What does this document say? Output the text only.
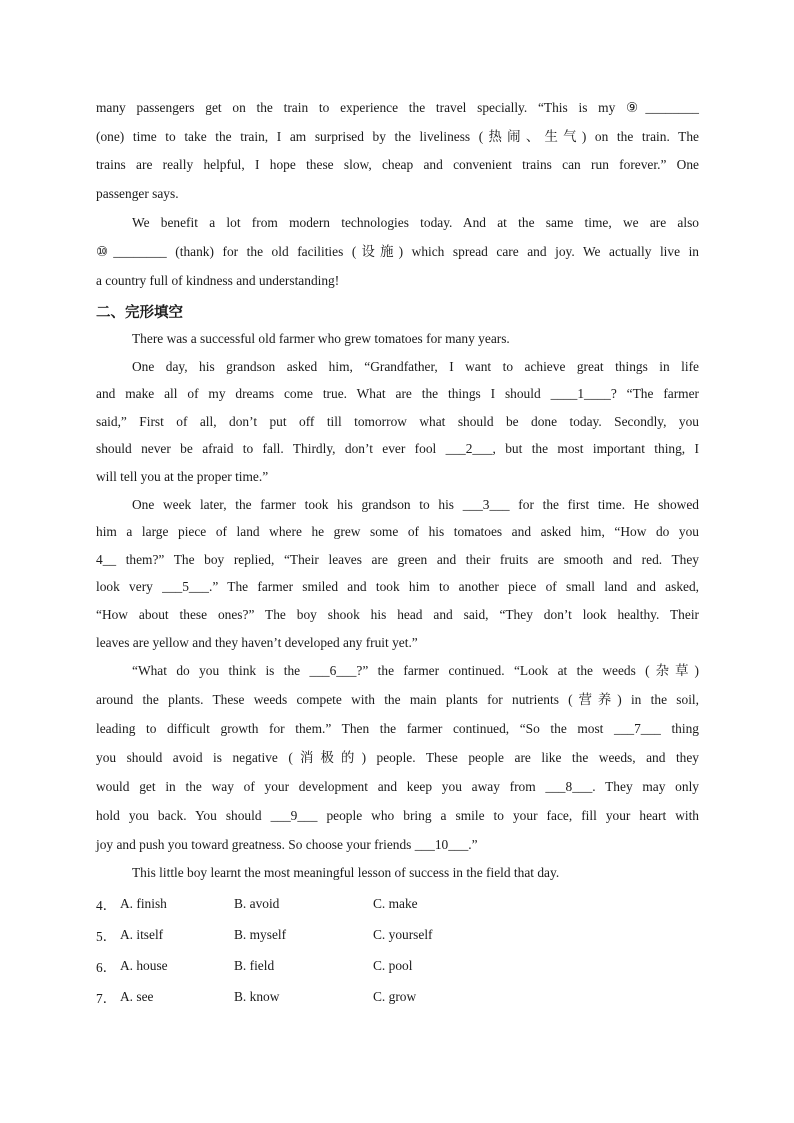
many passengers get on the train to experience the travel specially. “This is my ⑨________

(one) time to take the train, I am surprised by the liveliness (热闹、生气) on the train. The

trains are really helpful, I hope these slow, cheap and convenient trains can run forever.” One

passenger says.

We benefit a lot from modern technologies today. And at the same time, we are also

⑩________ (thank) for the old facilities (设施) which spread care and joy. We actually live in

a country full of kindness and understanding!

二、完形填空

There was a successful old farmer who grew tomatoes for many years.

One day, his grandson asked him, “Grandfather, I want to achieve great things in life

and make all of my dreams come true. What are the things I should ____1____? “The farmer

said,” First of all, don’t put off till tomorrow what should be done today. Secondly, you

should never be afraid to fall. Thirdly, don’t ever fool ___2___, but the most important thing, I

will tell you at the proper time.”

One week later, the farmer took his grandson to his ___3___ for the first time. He showed

him a large piece of land where he grew some of his tomatoes and asked him, “How do you

4__ them?” The boy replied, “Their leaves are green and their fruits are smooth and red. They

look very ___5___.” The farmer smiled and took him to another piece of small land and asked,

“How about these ones?” The boy shook his head and said, “They don’t look healthy. Their

leaves are yellow and they haven’t developed any fruit yet.”

“What do you think is the ___6___?” the farmer continued. “Look at the weeds (杂草)

around the plants. These weeds compete with the main plants for nutrients (营养) in the soil,

leading to difficult growth for them.” Then the farmer continued, “So the most ___7___ thing

you should avoid is negative (消极的) people. These people are like the weeds, and they

would get in the way of your development and keep you away from ___8___. They may only

hold you back. You should ___9___ people who bring a smile to your face, fill your heart with

joy and push you toward greatness. So choose your friends ___10___.”

This little boy learnt the most meaningful lesson of success in the field that day.

4． A. finish	B. avoid	C. make
5． A. itself	B. myself	C. yourself
6． A. house	B. field	C. pool
7． A. see	B. know	C. grow
